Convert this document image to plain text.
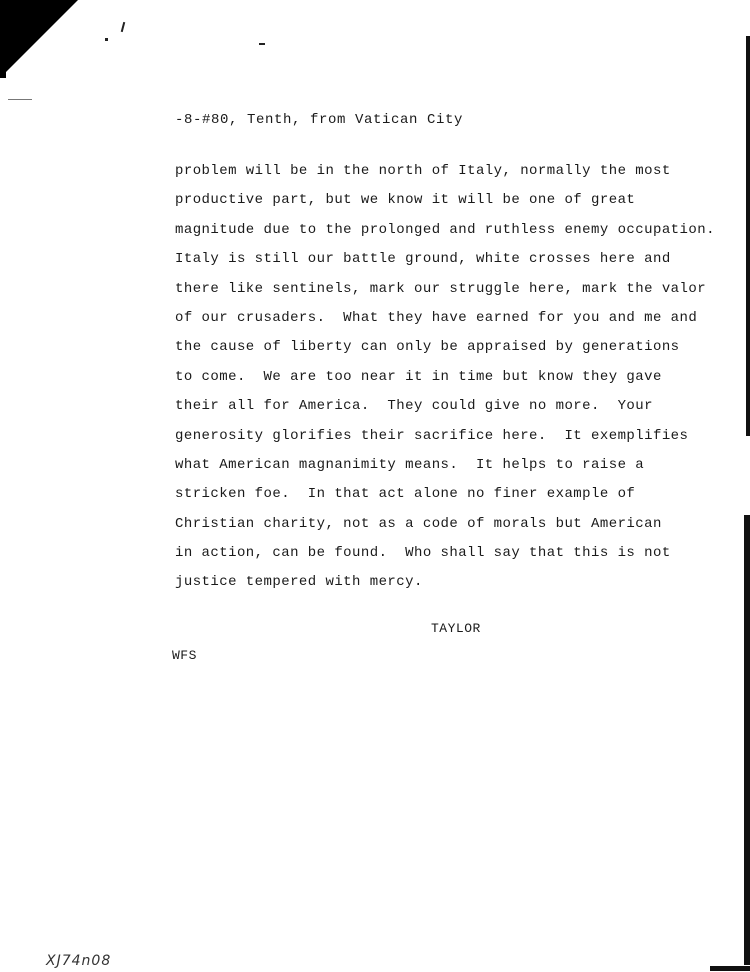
-8-#80, Tenth, from Vatican City
problem will be in the north of Italy, normally the most
productive part, but we know it will be one of great
magnitude due to the prolonged and ruthless enemy occupation.
Italy is still our battle ground, white crosses here and
there like sentinels, mark our struggle here, mark the valor
of our crusaders.  What they have earned for you and me and
the cause of liberty can only be appraised by generations
to come.  We are too near it in time but know they gave
their all for America.  They could give no more.  Your
generosity glorifies their sacrifice here.  It exemplifies
what American magnanimity means.  It helps to raise a
stricken foe.  In that act alone no finer example of
Christian charity, not as a code of morals but American
in action, can be found.  Who shall say that this is not
justice tempered with mercy.
TAYLOR
WFS
XJ74n08
